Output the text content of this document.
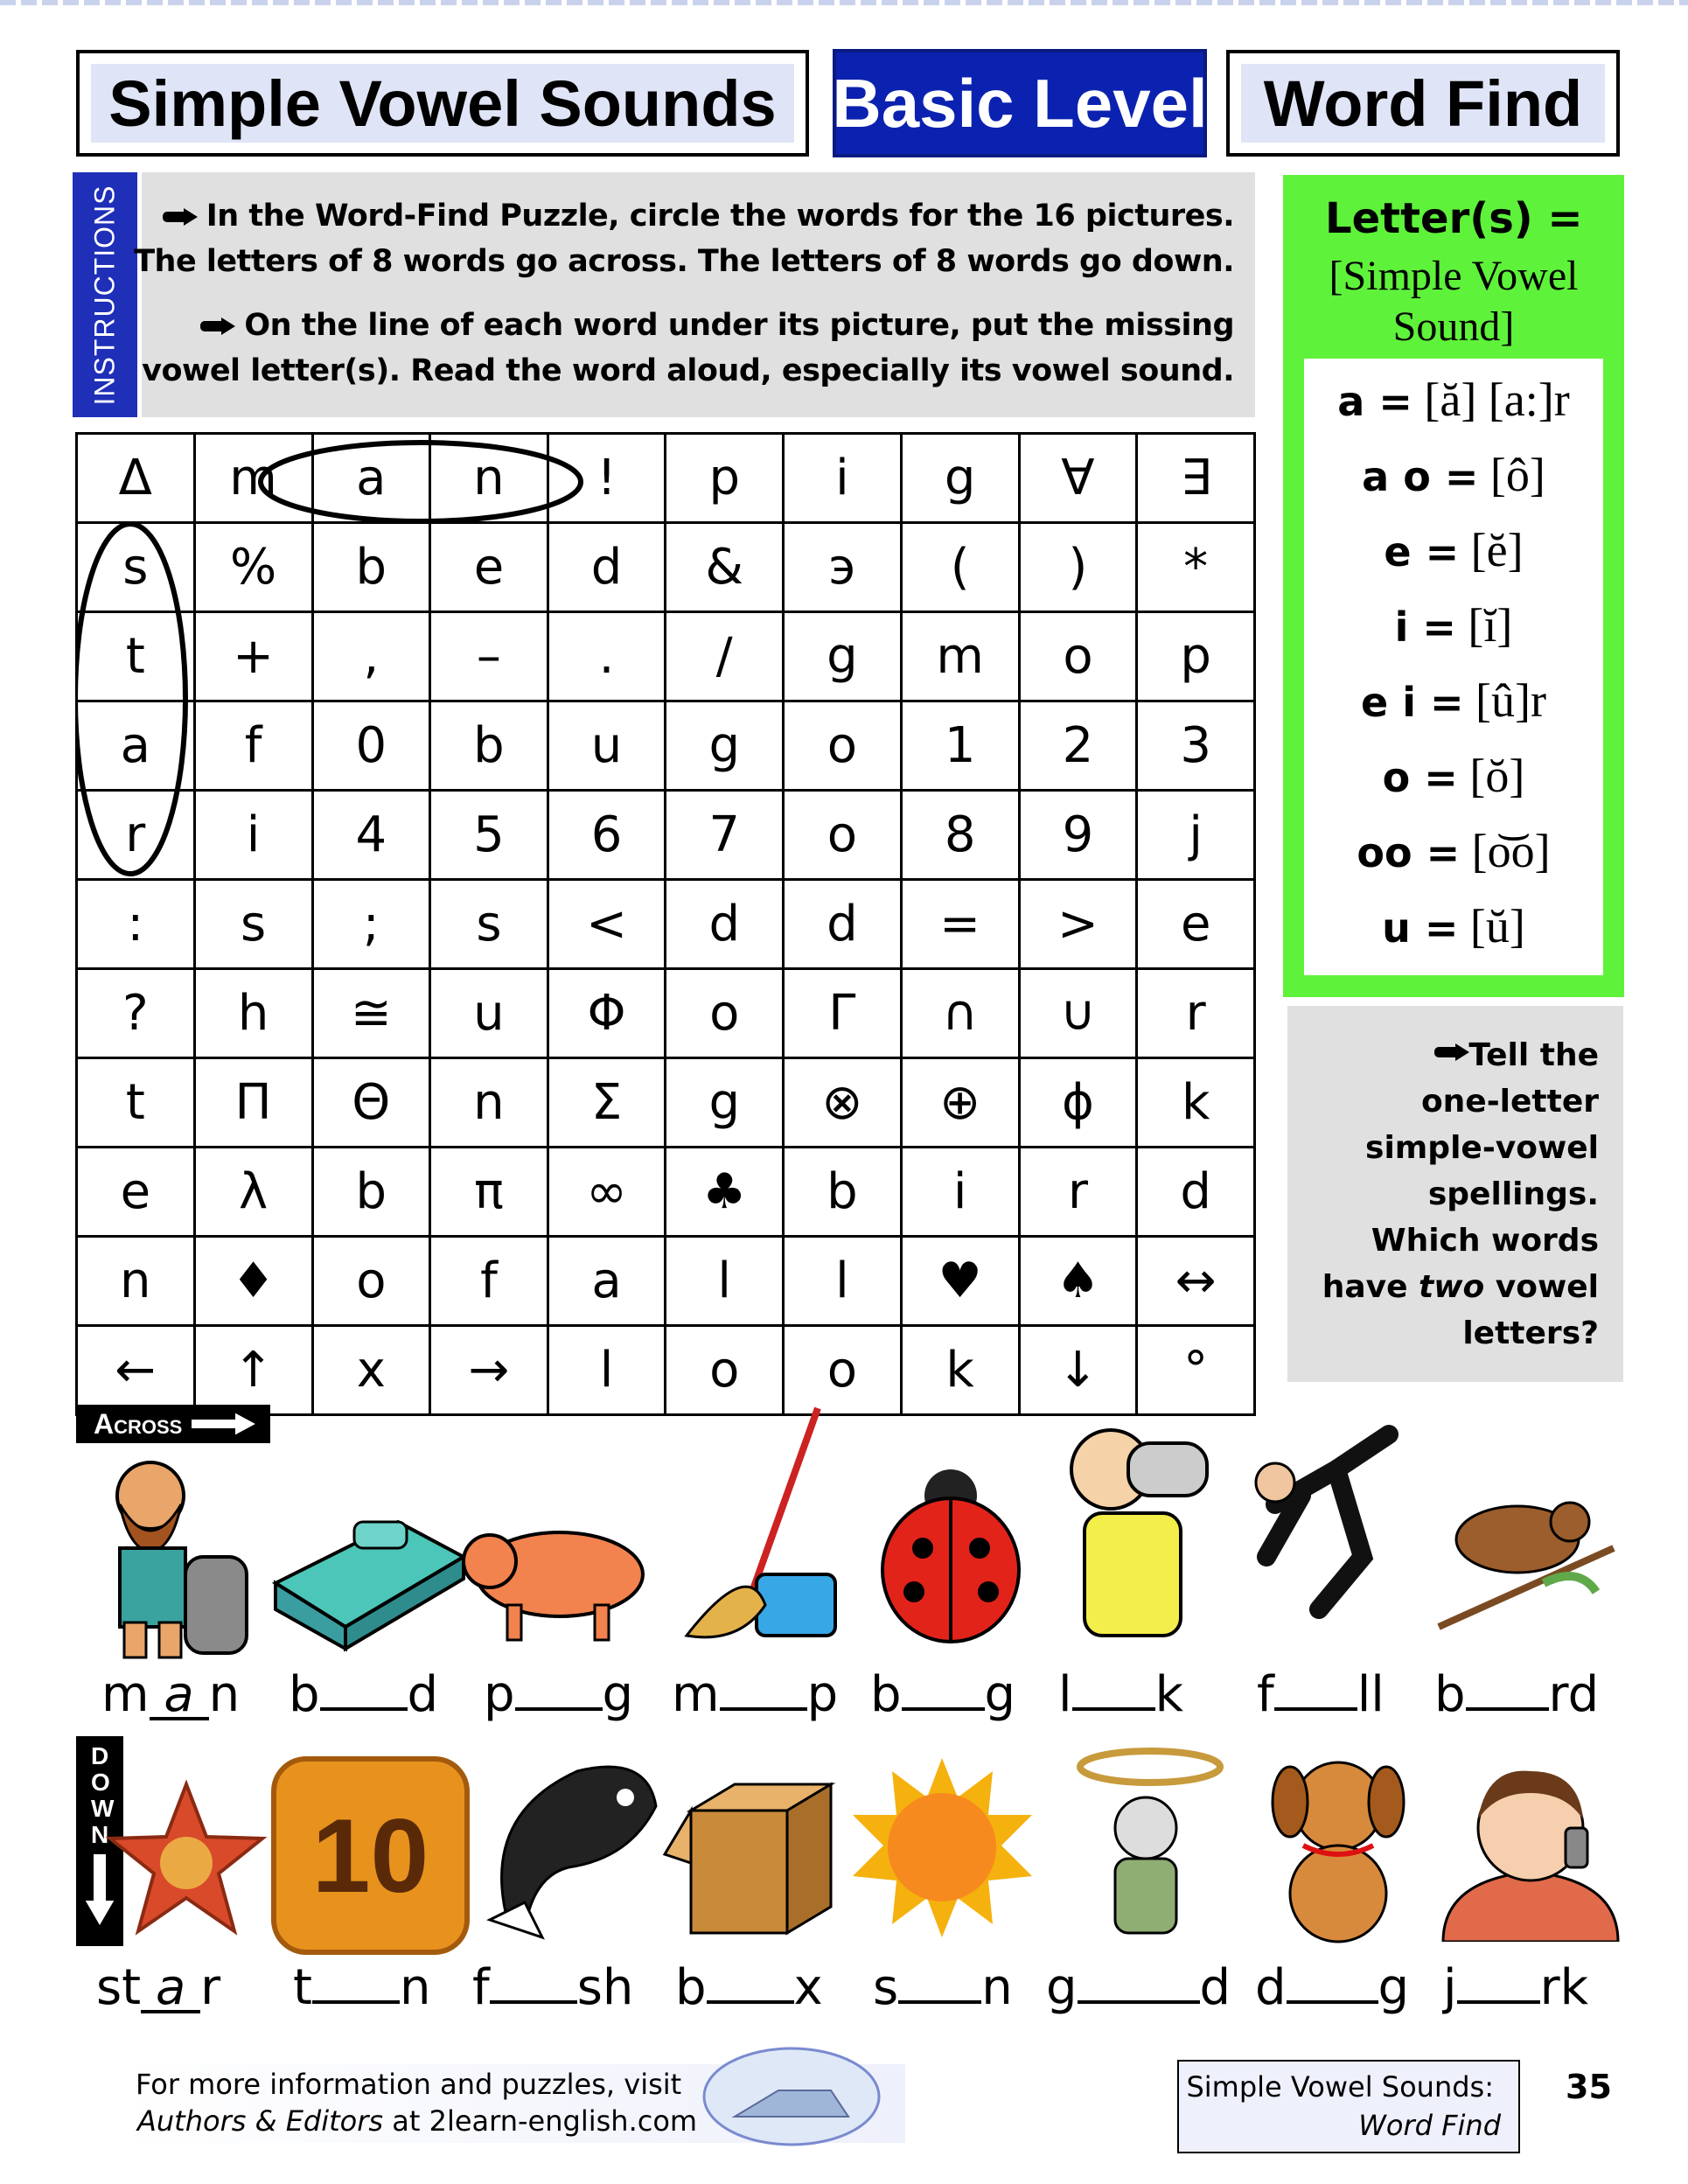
Simple Vowel Sounds Basic Level Word Find
INSTRUCTIONS	In the Word-Find Puzzle, circle the words for the 16 pictures.
The letters of 8 words go across. The letters of 8 words go down.
On the line of each word under its picture, put the missing
vowel letter(s). Read the word aloud, especially its vowel sound.
Δ	m	a	n	!	p	i	g	∀	∃
s	%	b	e	d	&	э	(	)	*
t	+	,	–	.	/	g	m	o	p
a	f	0	b	u	g	o	1	2	3
r	i	4	5	6	7	o	8	9	j
:	s	;	s	<	d	d	=	>	e
?	h	≅	u	Φ	o	Γ	∩	∪	r
t	Π	Θ	n	Σ	g	⊗	⊕	ϕ	k
e	λ	b	π	∞	♣	b	i	r	d
n	♦	o	f	a	l	l	♥	♠	↔
←	↑	x	→	l	o	o	k	↓	°
Letter(s) =
[Simple Vowel
Sound]
a = [ă] [a:]r
a o = [ô]
e = [ĕ]
i = [ĭ]
e i = [û]r
o = [ŏ]
oo = [o͝o]
u = [ŭ]
Tell the
one-letter
simple-vowel
spellings.
Which words
have two vowel
letters?
Across
m a n b d p g m p b g l k f ll b rd
DOWN 10
st a r t n f sh b x s n g	d d g j rk
For more information and puzzles, visit
Authors & Editors at 2learn-english.com
Simple Vowel Sounds:
Word Find
35
